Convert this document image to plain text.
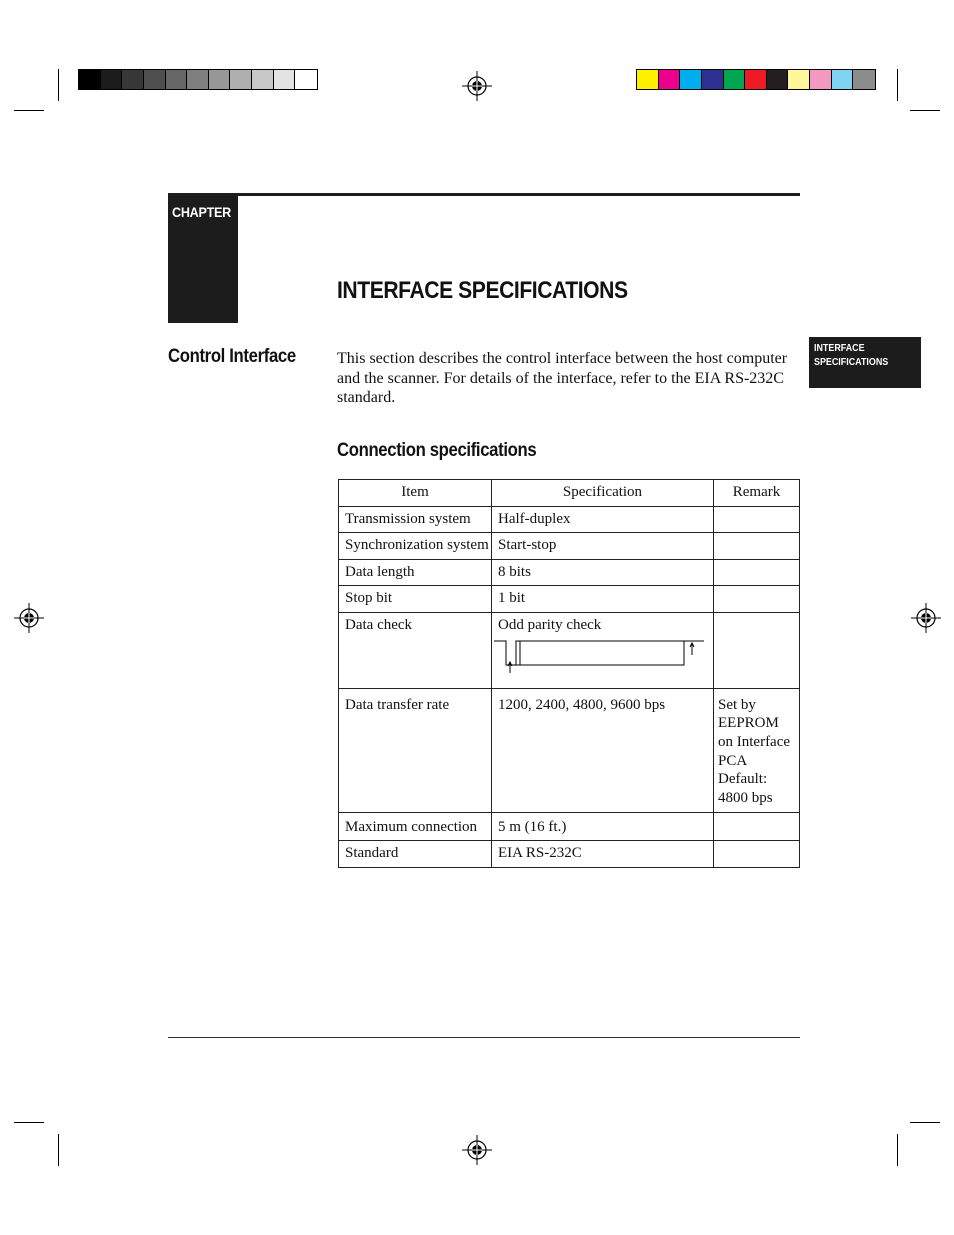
CHAPTER
INTERFACE SPECIFICATIONS
INTERFACE
SPECIFICATIONS
Control Interface	This section describes the control interface between the host computer and the scanner. For details of the interface, refer to the EIA RS-232C standard.
Connection specifications
Item	Specification	Remark
Transmission system	Half-duplex	
Synchronization system	Start-stop	
Data length	8 bits	
Stop bit	1 bit	
Data check	Odd parity check	

Data transfer rate	1200, 2400, 4800, 9600 bps	Set by EEPROM on Interface PCA Default: 4800 bps
Maximum connection	5 m (16 ft.)	
Standard	EIA RS-232C	
